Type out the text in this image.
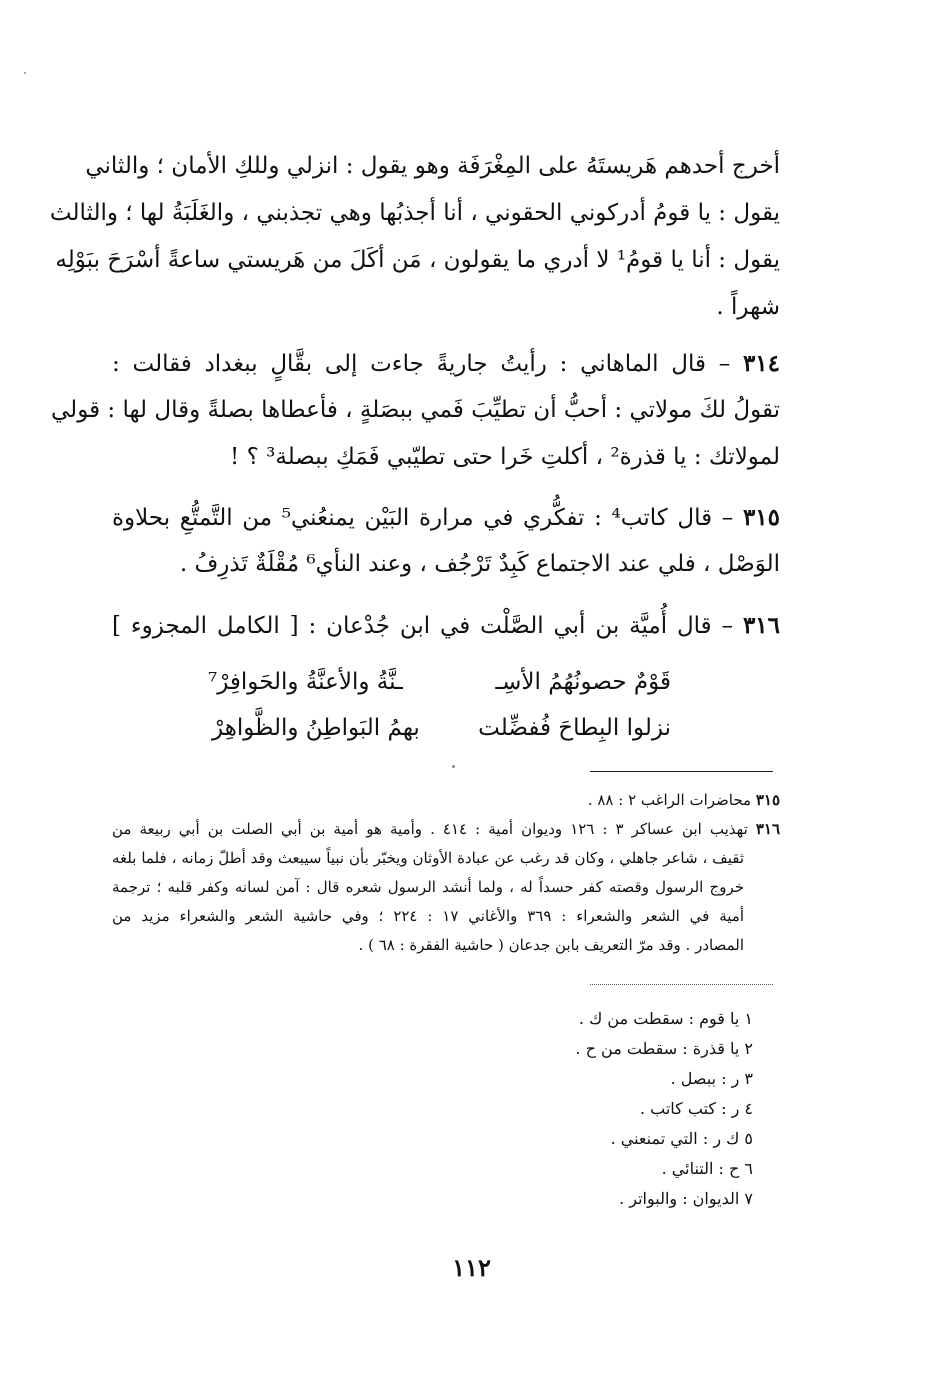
أخرج أحدهم هَريستَهُ على المِغْرَفَة وهو يقول : انزلي وللكِ الأمان ؛ والثاني
يقول : يا قومُ أدركوني الحقوني ، أنا أجذبُها وهي تجذبني ، والغَلَبَةُ لها ؛ والثالث
يقول : أنا يا قومُ¹ لا أدري ما يقولون ، مَن أكَلَ من هَريستي ساعةً أسْرَحَ ببَوْلِه
شهراً .
٣١٤ – قال الماهاني : رأيتُ جاريةً جاءت إلى بقَّالٍ ببغداد فقالت :
تقولُ لكَ مولاتي : أحبُّ أن تطيِّبَ فَمي ببصَلةٍ ، فأعطاها بصلةً وقال لها : قولي
لمولاتك : يا قذرة² ، أكلتِ خَرا حتى تطيّبي فَمَكِ ببصلة³ ؟ !
٣١٥ – قال كاتب⁴ : تفكُّري في مرارة البَيْن يمنعُني⁵ من التَّمتُّعِ بحلاوة
الوَصْل ، فلي عند الاجتماع كَبِدٌ تَرْجُف ، وعند النأي⁶ مُقْلَةٌ تَذرِفُ .
٣١٦ – قال أُميَّة بن أبي الصَّلْت في ابن جُدْعان : [ الكامل المجزوء ]
قَوْمٌ حصونُهُمُ الأسِـ
ـنَّةُ والأعنَّةُ والحَوافِرْ⁷
نزلوا البِطاحَ فُفضِّلت
بهمُ البَواطِنُ والظَّواهِرْ
٣١٥ محاضرات الراغب ٢ : ٨٨ .
٣١٦ تهذيب ابن عساكر ٣ : ١٢٦ وديوان أمية : ٤١٤ . وأمية هو أمية بن أبي الصلت بن أبي ربيعة من
ثقيف ، شاعر جاهلي ، وكان قد رغب عن عبادة الأوثان ويخبّر بأن نبياً سيبعث وقد أطلّ زمانه ، فلما بلغه
خروج الرسول وقصته كفر حسداً له ، ولما أنشد الرسول شعره قال : آمن لسانه وكفر قلبه ؛ ترجمة
أمية في الشعر والشعراء : ٣٦٩ والأغاني ١٧ : ٢٢٤ ؛ وفي حاشية الشعر والشعراء مزيد من
المصادر . وقد مرّ التعريف بابن جدعان ( حاشية الفقرة : ٦٨ ) .
١ يا قوم : سقطت من ك .
٢ يا قذرة : سقطت من ح .
٣ ر : ببصل .
٤ ر : كتب كاتب .
٥ ك ر : التي تمنعني .
٦ ح : التنائي .
٧ الديوان : والبواتر .
١١٢
